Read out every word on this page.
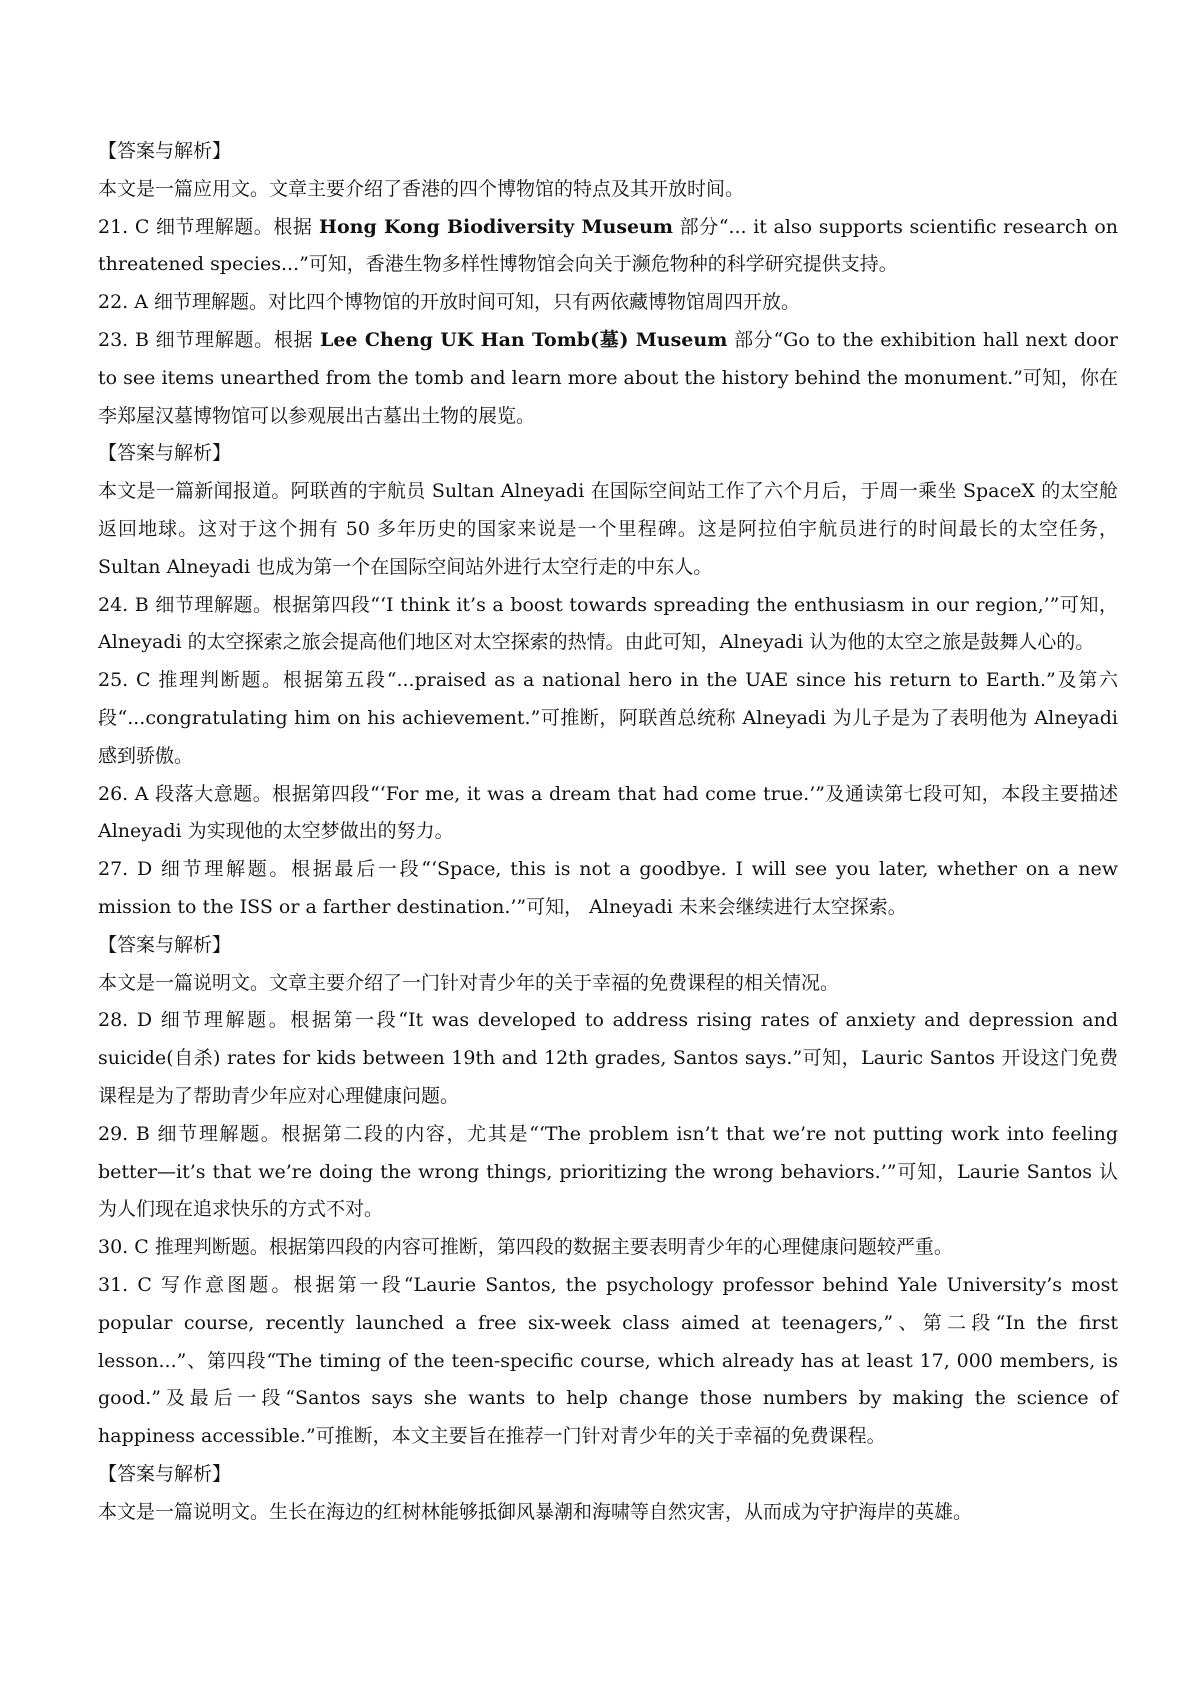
【答案与解析】

本文是一篇应用文。文章主要介绍了香港的四个博物馆的特点及其开放时间。

21. C 细节理解题。根据 Hong Kong Biodiversity Museum 部分“... it also supports scientific research on threatened species...”可知，香港生物多样性博物馆会向关于濒危物种的科学研究提供支持。

22. A 细节理解题。对比四个博物馆的开放时间可知，只有两依藏博物馆周四开放。

23. B 细节理解题。根据 Lee Cheng UK Han Tomb(墓) Museum 部分“Go to the exhibition hall next door to see items unearthed from the tomb and learn more about the history behind the monument.”可知，你在李郑屋汉墓博物馆可以参观展出古墓出土物的展览。

【答案与解析】

本文是一篇新闻报道。阿联酋的宇航员 Sultan Alneyadi 在国际空间站工作了六个月后，于周一乘坐 SpaceX 的太空舱返回地球。这对于这个拥有 50 多年历史的国家来说是一个里程碑。这是阿拉伯宇航员进行的时间最长的太空任务，Sultan Alneyadi 也成为第一个在国际空间站外进行太空行走的中东人。

24. B 细节理解题。根据第四段“‘I think it’s a boost towards spreading the enthusiasm in our region,’”可知，Alneyadi 的太空探索之旅会提高他们地区对太空探索的热情。由此可知，Alneyadi 认为他的太空之旅是鼓舞人心的。

25. C 推理判断题。根据第五段“...praised as a national hero in the UAE since his return to Earth.”及第六段“...congratulating him on his achievement.”可推断，阿联酋总统称 Alneyadi 为儿子是为了表明他为 Alneyadi 感到骄傲。

26. A 段落大意题。根据第四段“‘For me, it was a dream that had come true.’”及通读第七段可知，本段主要描述 Alneyadi 为实现他的太空梦做出的努力。

27. D 细节理解题。根据最后一段“‘Space, this is not a goodbye. I will see you later, whether on a new mission to the ISS or a farther destination.’”可知， Alneyadi 未来会继续进行太空探索。

【答案与解析】

本文是一篇说明文。文章主要介绍了一门针对青少年的关于幸福的免费课程的相关情况。

28. D 细节理解题。根据第一段“It was developed to address rising rates of anxiety and depression and suicide(自杀) rates for kids between 19th and 12th grades, Santos says.”可知，Lauric Santos 开设这门免费课程是为了帮助青少年应对心理健康问题。

29. B 细节理解题。根据第二段的内容，尤其是“‘The problem isn’t that we’re not putting work into feeling better—it’s that we’re doing the wrong things, prioritizing the wrong behaviors.’”可知，Laurie Santos 认为人们现在追求快乐的方式不对。

30. C 推理判断题。根据第四段的内容可推断，第四段的数据主要表明青少年的心理健康问题较严重。

31. C 写作意图题。根据第一段“Laurie Santos, the psychology professor behind Yale University’s most popular course, recently launched a free six-week class aimed at teenagers,”、第二段“In the first lesson...”、第四段“The timing of the teen-specific course, which already has at least 17, 000 members, is good.”及最后一段“Santos says she wants to help change those numbers by making the science of happiness accessible.”可推断，本文主要旨在推荐一门针对青少年的关于幸福的免费课程。

【答案与解析】

本文是一篇说明文。生长在海边的红树林能够抵御风暴潮和海啸等自然灾害，从而成为守护海岸的英雄。
